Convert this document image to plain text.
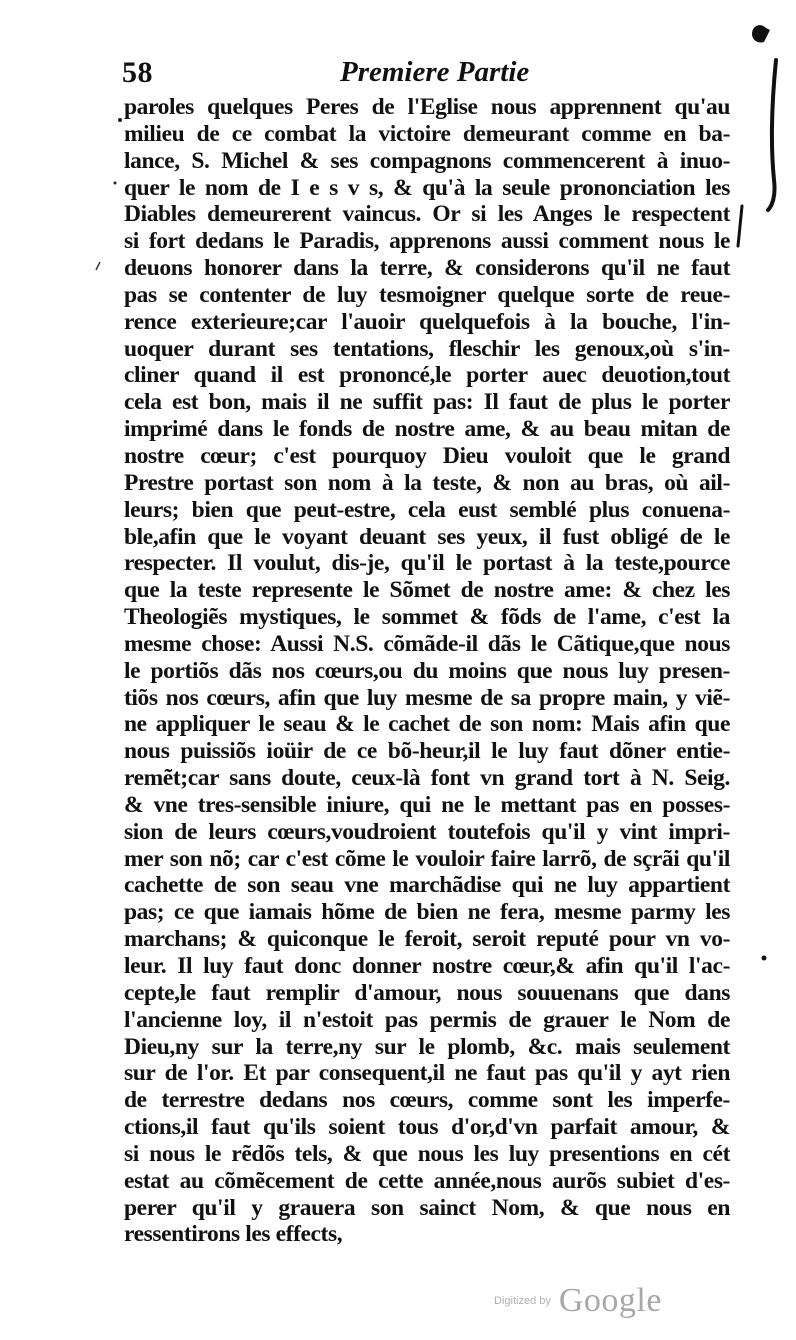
58	Premiere Partie
paroles quelques Peres de l'Eglise nous apprennent qu'au
milieu de ce combat la victoire demeurant comme en ba-
lance, S. Michel & ses compagnons commencerent à inuo-
quer le nom de I e s v s, & qu'à la seule prononciation les
Diables demeurerent vaincus. Or si les Anges le respectent
si fort dedans le Paradis, apprenons aussi comment nous le
deuons honorer dans la terre, & considerons qu'il ne faut
pas se contenter de luy tesmoigner quelque sorte de reue-
rence exterieure;car l'auoir quelquefois à la bouche, l'in-
uoquer durant ses tentations, fleschir les genoux,où s'in-
cliner quand il est prononcé,le porter auec deuotion,tout
cela est bon, mais il ne suffit pas: Il faut de plus le porter
imprimé dans le fonds de nostre ame, & au beau mitan de
nostre cœur; c'est pourquoy Dieu vouloit que le grand
Prestre portast son nom à la teste, & non au bras, où ail-
leurs; bien que peut-estre, cela eust semblé plus conuena-
ble,afin que le voyant deuant ses yeux, il fust obligé de le
respecter. Il voulut, dis-je, qu'il le portast à la teste,pource
que la teste represente le Sõmet de nostre ame: & chez les
Theologiẽs mystiques, le sommet & fõds de l'ame, c'est la
mesme chose: Aussi N.S. cõmãde-il dãs le Cãtique,que nous
le portiõs dãs nos cœurs,ou du moins que nous luy presen-
tiõs nos cœurs, afin que luy mesme de sa propre main, y viẽ-
ne appliquer le seau & le cachet de son nom: Mais afin que
nous puissiõs ioüir de ce bõ-heur,il le luy faut dõner entie-
remẽt;car sans doute, ceux-là font vn grand tort à N. Seig.
& vne tres-sensible iniure, qui ne le mettant pas en posses-
sion de leurs cœurs,voudroient toutefois qu'il y vint impri-
mer son nõ; car c'est cõme le vouloir faire larrõ, de sçrãi qu'il
cachette de son seau vne marchãdise qui ne luy appartient
pas; ce que iamais hõme de bien ne fera, mesme parmy les
marchans; & quiconque le feroit, seroit reputé pour vn vo-
leur. Il luy faut donc donner nostre cœur,& afin qu'il l'ac-
cepte,le faut remplir d'amour, nous souuenans que dans
l'ancienne loy, il n'estoit pas permis de grauer le Nom de
Dieu,ny sur la terre,ny sur le plomb, &c. mais seulement
sur de l'or. Et par consequent,il ne faut pas qu'il y ayt rien
de terrestre dedans nos cœurs, comme sont les imperfe-
ctions,il faut qu'ils soient tous d'or,d'vn parfait amour, &
si nous le rẽdõs tels, & que nous les luy presentions en cét
estat au cõmẽcement de cette année,nous aurõs subiet d'es-
perer qu'il y grauera son sainct Nom, & que nous en
ressentirons les effects,
Digitized by Google
